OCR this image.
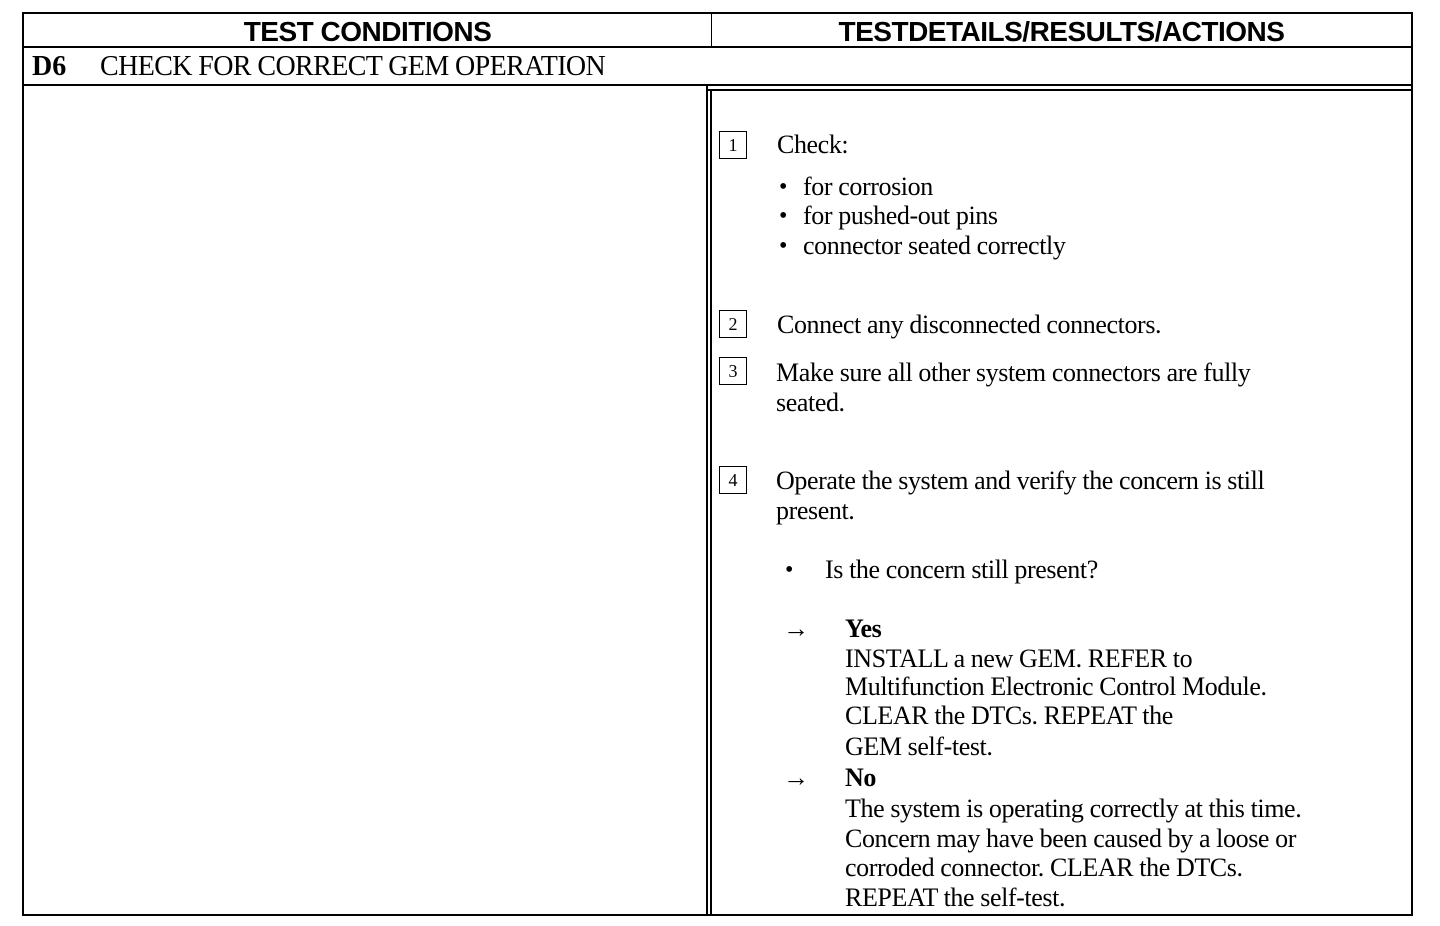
TEST CONDITIONS	TESTDETAILS/RESULTS/ACTIONS
D6 CHECK FOR CORRECT GEM OPERATION
1	Check:
• for corrosion
• for pushed-out pins
• connector seated correctly
2	Connect any disconnected connectors.
3	Make sure all other system connectors are fully
seated.
4	Operate the system and verify the concern is still
present.
• Is the concern still present?
→ Yes
INSTALL a new GEM. REFER to
Multifunction Electronic Control Module.
CLEAR the DTCs. REPEAT the
GEM self-test.
→ No
The system is operating correctly at this time.
Concern may have been caused by a loose or
corroded connector. CLEAR the DTCs.
REPEAT the self-test.
